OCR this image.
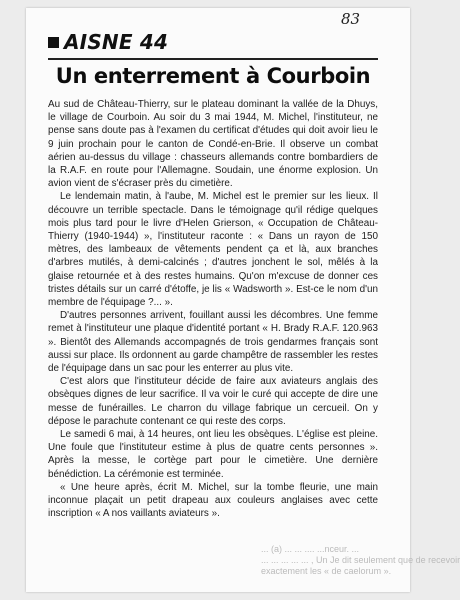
83
AISNE 44
Un enterrement à Courboin

Au sud de Château-Thierry, sur le plateau dominant la vallée de la Dhuys, le village de Courboin. Au soir du 3 mai 1944, M. Michel, l'instituteur, ne pense sans doute pas à l'examen du certificat d'études qui doit avoir lieu le 9 juin prochain pour le canton de Condé-en-Brie. Il observe un combat aérien au-dessus du village : chasseurs allemands contre bombardiers de la R.A.F. en route pour l'Allemagne. Soudain, une énorme explosion. Un avion vient de s'écraser près du cimetière.

Le lendemain matin, à l'aube, M. Michel est le premier sur les lieux. Il découvre un terrible spectacle. Dans le témoignage qu'il rédige quelques mois plus tard pour le livre d'Helen Grierson, « Occupation de Château-Thierry (1940-1944) », l'instituteur raconte : « Dans un rayon de 150 mètres, des lambeaux de vêtements pendent ça et là, aux branches d'arbres mutilés, à demi-calcinés ; d'autres jonchent le sol, mêlés à la glaise retournée et à des restes humains. Qu'on m'excuse de donner ces tristes détails sur un carré d'étoffe, je lis « Wadsworth ». Est-ce le nom d'un membre de l'équipage ?... ».

D'autres personnes arrivent, fouillant aussi les décombres. Une femme remet à l'instituteur une plaque d'identité portant « H. Brady R.A.F. 120.963 ». Bientôt des Allemands accompagnés de trois gendarmes français sont aussi sur place. Ils ordonnent au garde champêtre de rassembler les restes de l'équipage dans un sac pour les enterrer au plus vite.

C'est alors que l'instituteur décide de faire aux aviateurs anglais des obsèques dignes de leur sacrifice. Il va voir le curé qui accepte de dire une messe de funérailles. Le charron du village fabrique un cercueil. On y dépose le parachute contenant ce qui reste des corps.

Le samedi 6 mai, à 14 heures, ont lieu les obsèques. L'église est pleine. Une foule que l'instituteur estime à plus de quatre cents personnes ». Après la messe, le cortège part pour le cimetière. Une dernière bénédiction. La cérémonie est terminée.

« Une heure après, écrit M. Michel, sur la tombe fleurie, une main inconnue plaçait un petit drapeau aux couleurs anglaises avec cette inscription « A nos vaillants aviateurs ».

... (a) ... ... .... ...nceur. ...
... ... ... ... ... , Un Je dit seulement que de recevoir
exactement les « de caelorum ».
